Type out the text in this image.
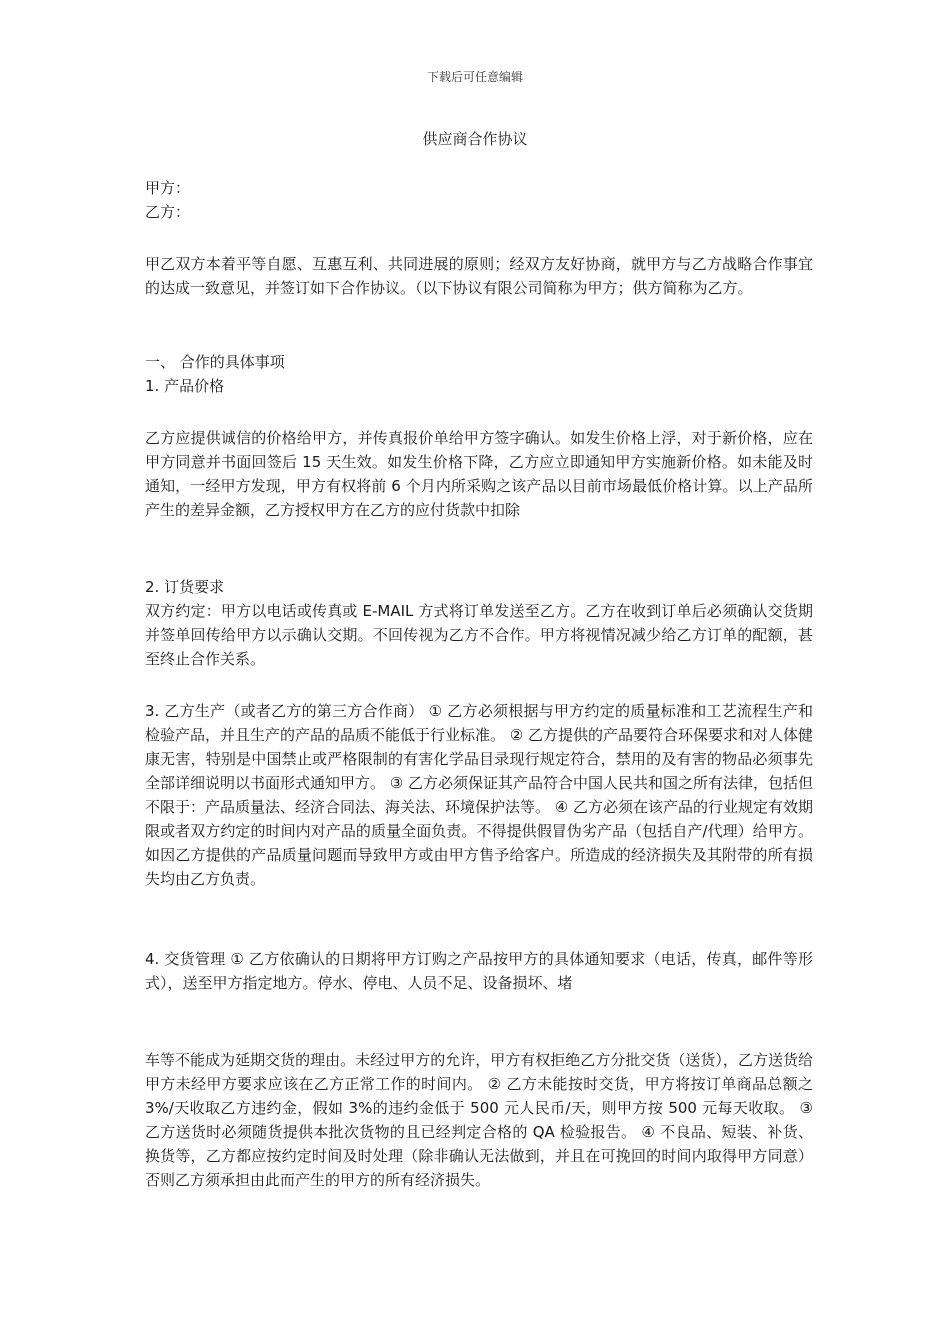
下载后可任意编辑
供应商合作协议

甲方：

乙方：

甲乙双方本着平等自愿、互惠互利、共同进展的原则；经双方友好协商，就甲方与乙方战略合作事宜的达成一致意见，并签订如下合作协议。（以下协议有限公司简称为甲方；供方简称为乙方。

一、 合作的具体事项

1. 产品价格

乙方应提供诚信的价格给甲方，并传真报价单给甲方签字确认。如发生价格上浮，对于新价格，应在甲方同意并书面回签后 15 天生效。如发生价格下降，乙方应立即通知甲方实施新价格。如未能及时通知，一经甲方发现，甲方有权将前 6 个月内所采购之该产品以目前市场最低价格计算。以上产品所产生的差异金额，乙方授权甲方在乙方的应付货款中扣除

2. 订货要求

双方约定：甲方以电话或传真或 E-MAIL 方式将订单发送至乙方。乙方在收到订单后必须确认交货期并签单回传给甲方以示确认交期。不回传视为乙方不合作。甲方将视情况减少给乙方订单的配额，甚至终止合作关系。

3. 乙方生产（或者乙方的第三方合作商） ① 乙方必须根据与甲方约定的质量标准和工艺流程生产和检验产品，并且生产的产品的品质不能低于行业标准。 ② 乙方提供的产品要符合环保要求和对人体健康无害，特别是中国禁止或严格限制的有害化学品目录现行规定符合，禁用的及有害的物品必须事先全部详细说明以书面形式通知甲方。 ③ 乙方必须保证其产品符合中国人民共和国之所有法律，包括但不限于：产品质量法、经济合同法、海关法、环境保护法等。 ④ 乙方必须在该产品的行业规定有效期限或者双方约定的时间内对产品的质量全面负责。不得提供假冒伪劣产品（包括自产/代理）给甲方。如因乙方提供的产品质量问题而导致甲方或由甲方售予给客户。所造成的经济损失及其附带的所有损失均由乙方负责。

4. 交货管理 ① 乙方依确认的日期将甲方订购之产品按甲方的具体通知要求（电话，传真，邮件等形式），送至甲方指定地方。停水、停电、人员不足、设备损坏、堵

车等不能成为延期交货的理由。未经过甲方的允许，甲方有权拒绝乙方分批交货（送货），乙方送货给甲方未经甲方要求应该在乙方正常工作的时间内。 ② 乙方未能按时交货，甲方将按订单商品总额之 3%/天收取乙方违约金，假如 3%的违约金低于 500 元人民币/天，则甲方按 500 元每天收取。 ③ 乙方送货时必须随货提供本批次货物的且已经判定合格的 QA 检验报告。 ④ 不良品、短装、补货、换货等，乙方都应按约定时间及时处理（除非确认无法做到，并且在可挽回的时间内取得甲方同意）否则乙方须承担由此而产生的甲方的所有经济损失。
